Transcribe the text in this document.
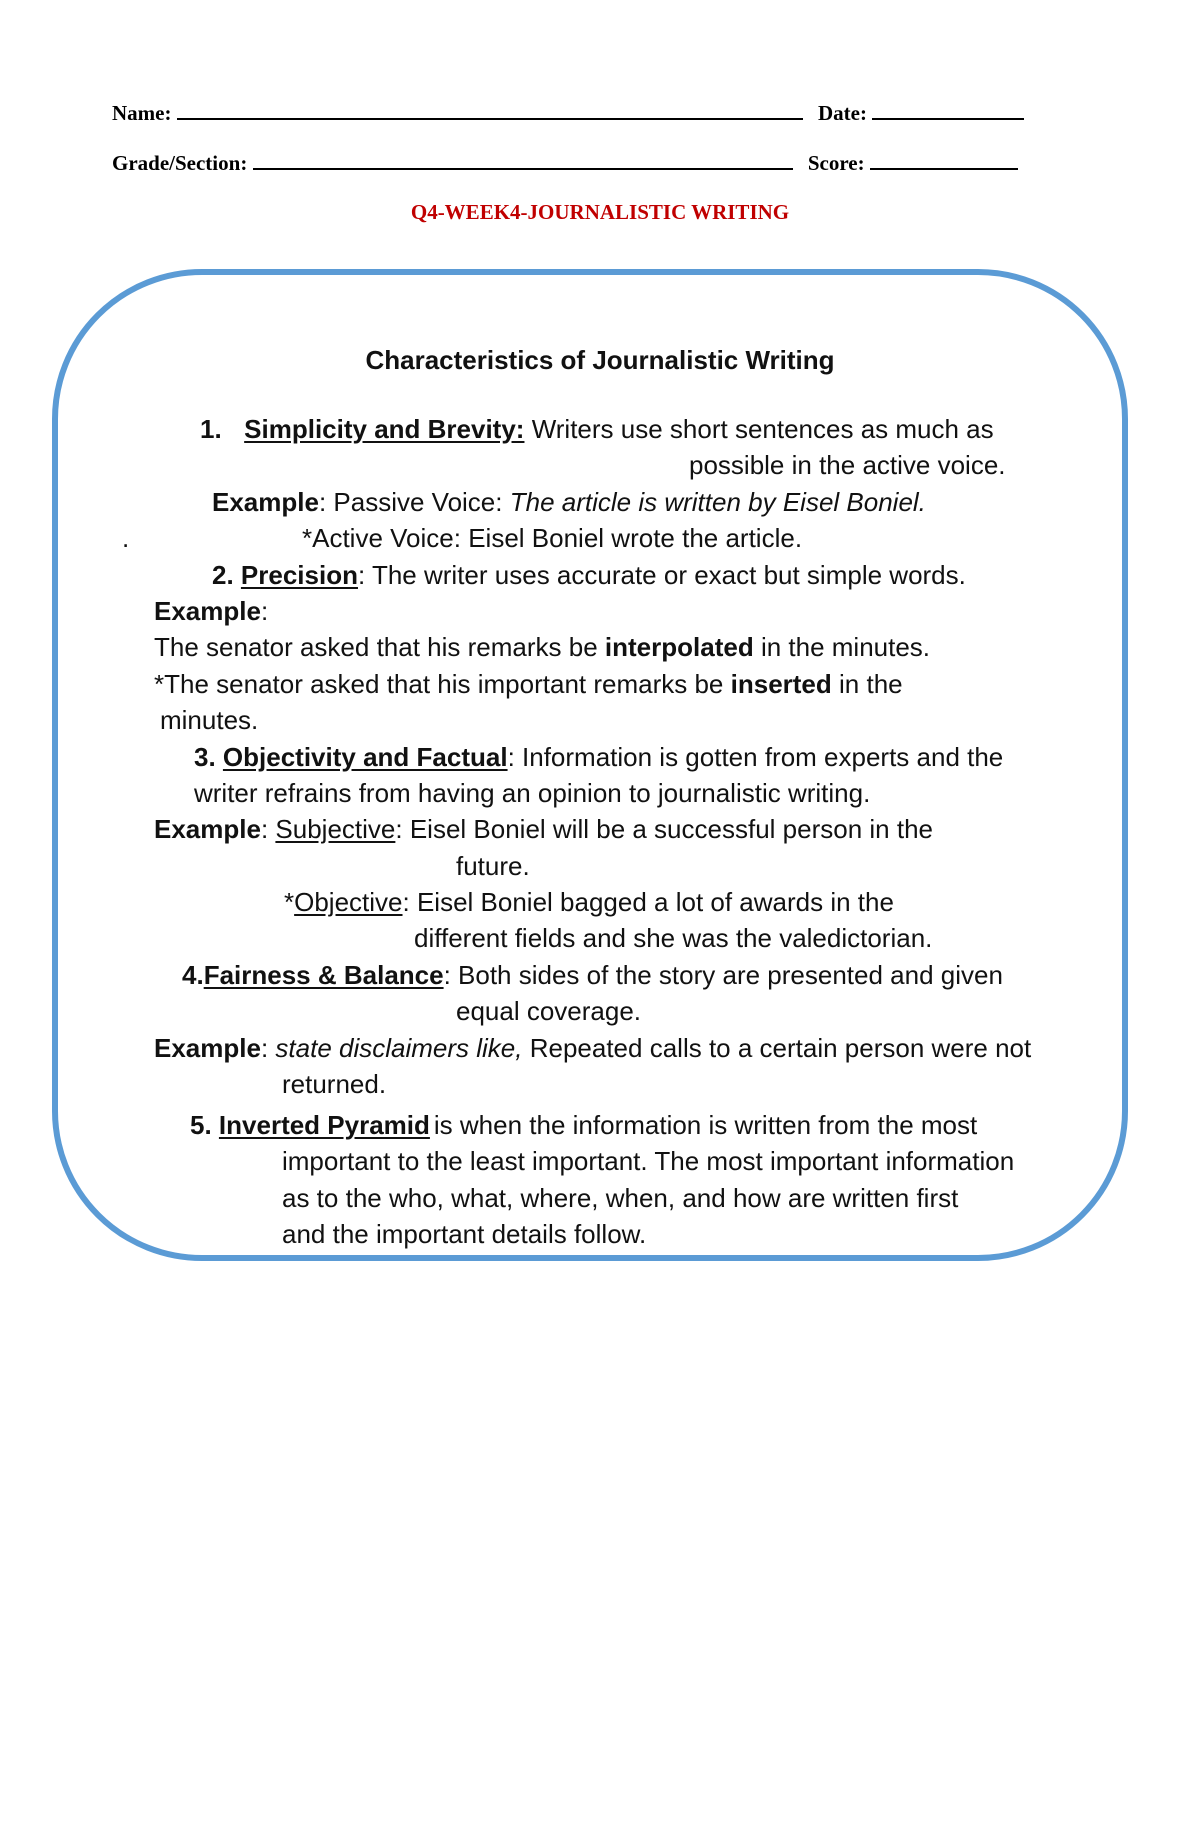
Name:	Date:
Grade/Section:	Score:
Q4-WEEK4-JOURNALISTIC WRITING
Characteristics of Journalistic Writing
1. Simplicity and Brevity: Writers use short sentences as much as
possible in the active voice.
Example: Passive Voice: The article is written by Eisel Boniel.
.	*Active Voice: Eisel Boniel wrote the article.
2. Precision: The writer uses accurate or exact but simple words.
Example:
The senator asked that his remarks be interpolated in the minutes.
*The senator asked that his important remarks be inserted in the
minutes.
3. Objectivity and Factual: Information is gotten from experts and the
writer refrains from having an opinion to journalistic writing.
Example: Subjective: Eisel Boniel will be a successful person in the
future.
*Objective: Eisel Boniel bagged a lot of awards in the
different fields and she was the valedictorian.
4.Fairness & Balance: Both sides of the story are presented and given
equal coverage.
Example: state disclaimers like, Repeated calls to a certain person were not
returned.
5. Inverted Pyramid is when the information is written from the most
important to the least important. The most important information
as to the who, what, where, when, and how are written first
and the important details follow.
